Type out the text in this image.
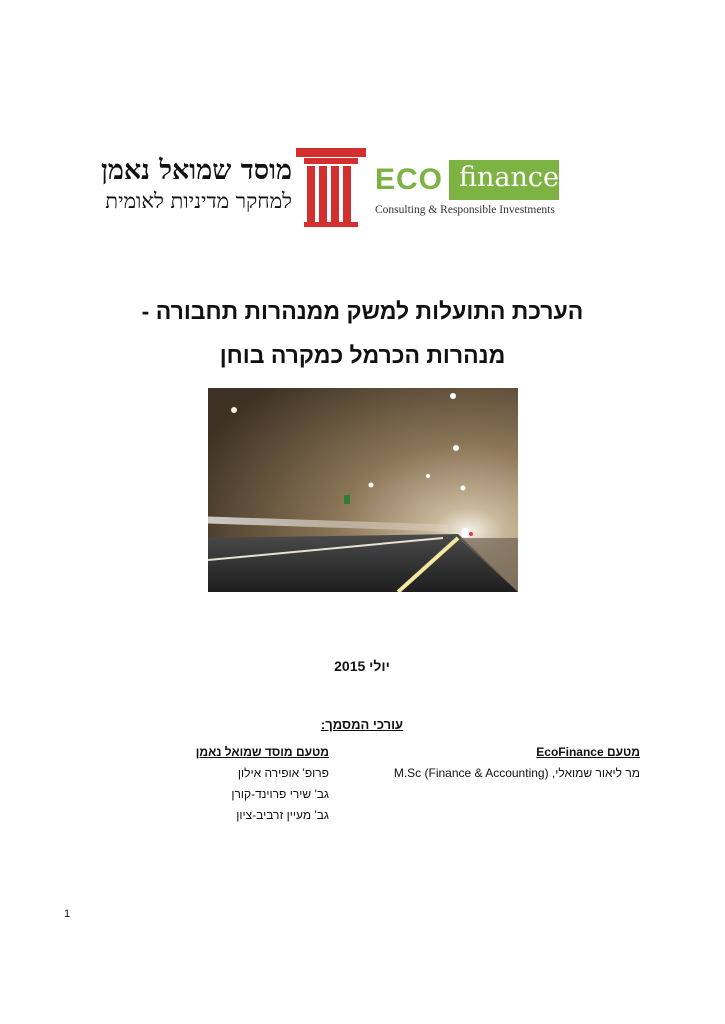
מוסד שמואל נאמן
למחקר מדיניות לאומית
ECO finance
Consulting & Responsible Investments
הערכת התועלות למשק ממנהרות תחבורה -
מנהרות הכרמל כמקרה בוחן
יולי 2015
עורכי המסמך:
מטעם EcoFinance
מר ליאור שמואלי, M.Sc (Finance & Accounting)
מטעם מוסד שמואל נאמן
פרופ' אופירה אילון
גב' שירי פרוינד-קורן
גב' מעיין זרביב-ציון
1
